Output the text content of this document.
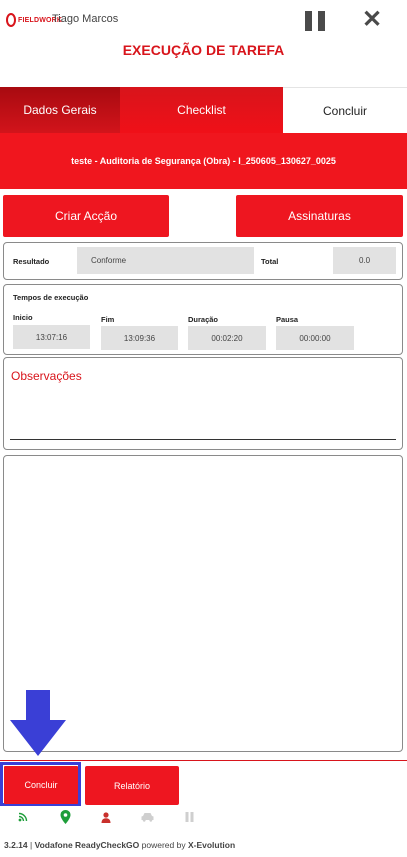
FIELDWORK
Tiago Marcos	✕
EXECUÇÃO DE TAREFA
Dados Gerais	Checklist	Concluir
teste - Auditoria de Segurança (Obra) - I_250605_130627_0025
Criar Acção	Assinaturas
Resultado	Conforme	Total	0.0
Tempos de execução
Inicio
13:07:16
Fim
13:09:36
Duração
00:02:20
Pausa
00:00:00
Observações
Concluir	Relatório
3.2.14 | Vodafone ReadyCheckGO powered by X-Evolution
